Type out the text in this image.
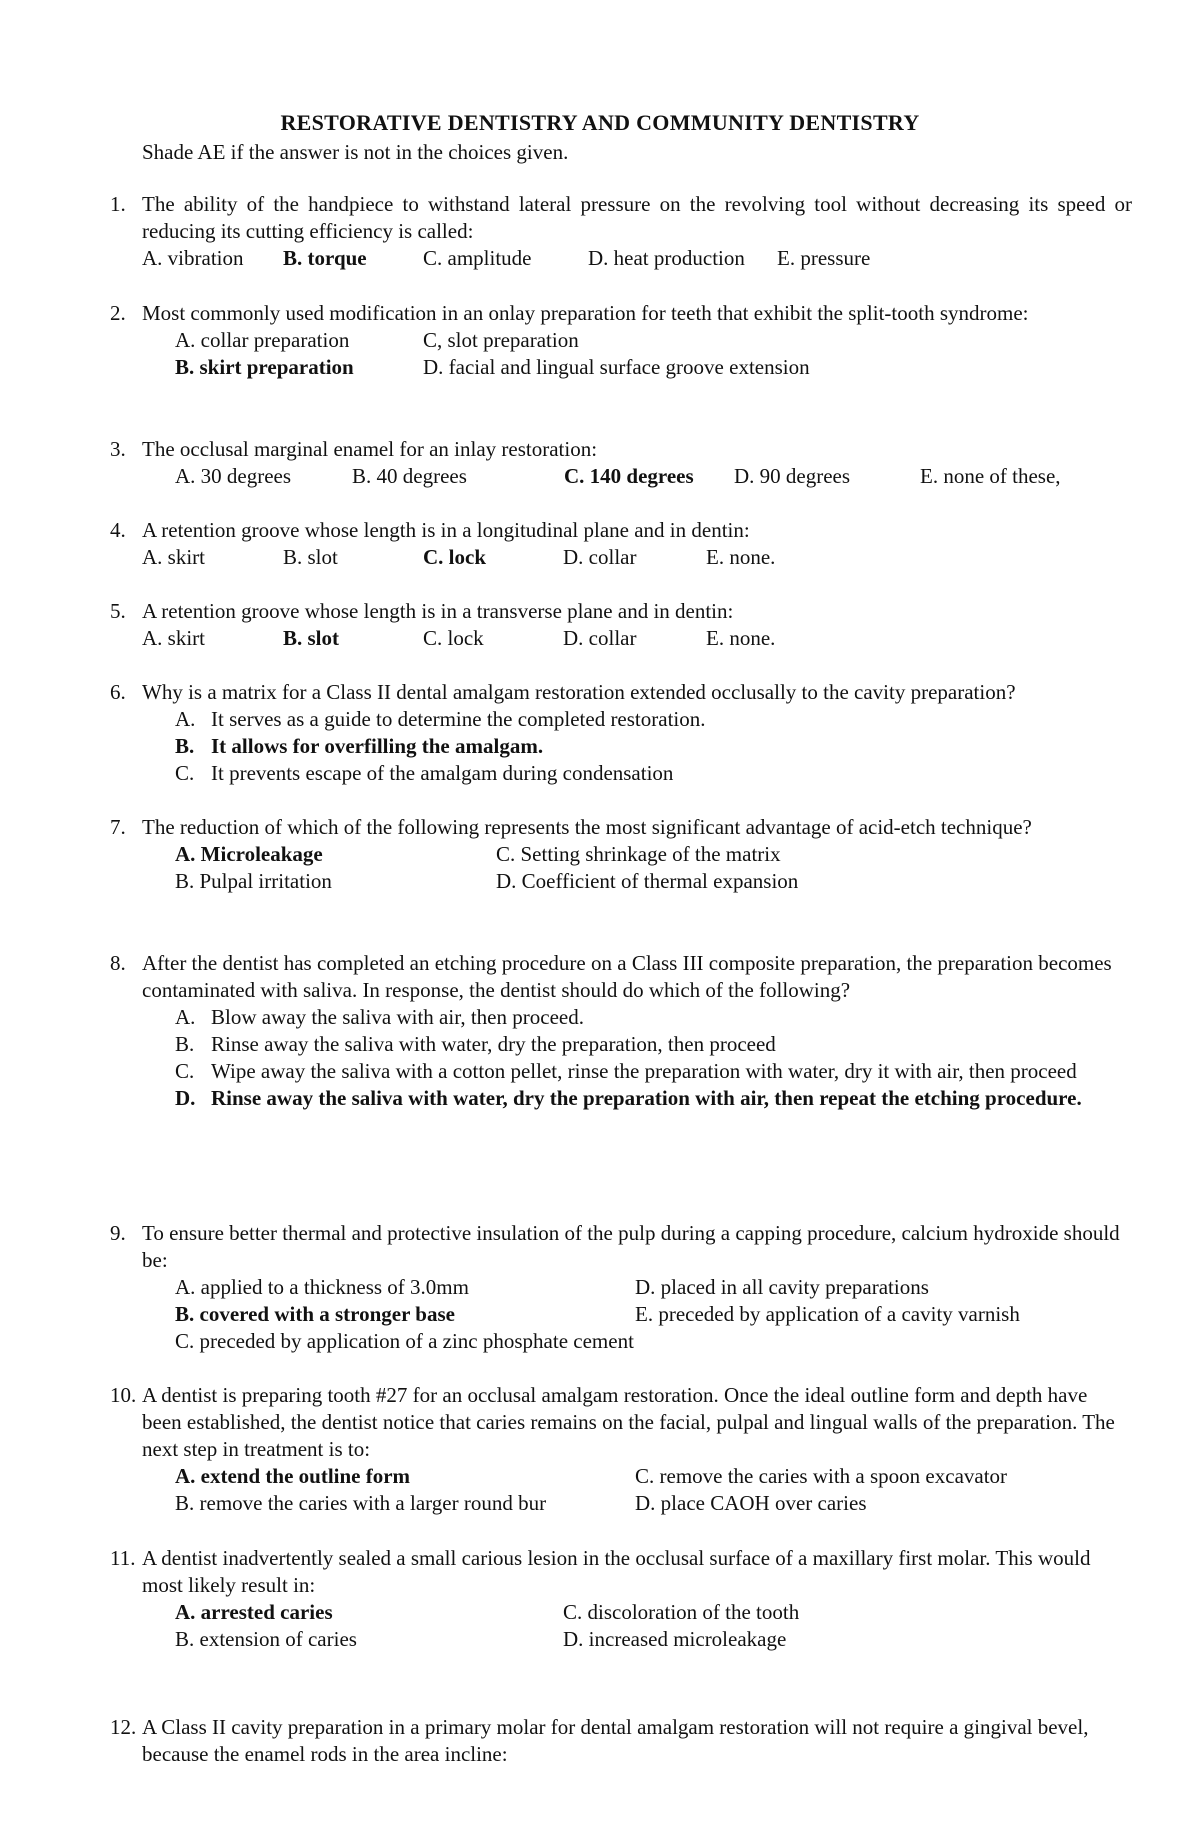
RESTORATIVE DENTISTRY AND COMMUNITY DENTISTRY
Shade AE if the answer is not in the choices given.
1. The ability of the handpiece to withstand lateral pressure on the revolving tool without decreasing its speed or reducing its cutting efficiency is called:
A. vibration B. torque	C. amplitude	D. heat production E. pressure
2. Most commonly used modification in an onlay preparation for teeth that exhibit the split-tooth syndrome:
A. collar preparation	C, slot preparation
B. skirt preparation	D. facial and lingual surface groove extension
3. The occlusal marginal enamel for an inlay restoration:
A. 30 degrees	B. 40 degrees	C. 140 degrees D. 90 degrees	E. none of these,
4. A retention groove whose length is in a longitudinal plane and in dentin:
A. skirt	B. slot	C. lock	D. collar	E. none.
5. A retention groove whose length is in a transverse plane and in dentin:
A. skirt	B. slot	C. lock	D. collar	E. none.
6. Why is a matrix for a Class II dental amalgam restoration extended occlusally to the cavity preparation?
A. It serves as a guide to determine the completed restoration.
B. It allows for overfilling the amalgam.
C. It prevents escape of the amalgam during condensation
7. The reduction of which of the following represents the most significant advantage of acid-etch technique?
A. Microleakage	C. Setting shrinkage of the matrix
B. Pulpal irritation	D. Coefficient of thermal expansion
8. After the dentist has completed an etching procedure on a Class III composite preparation, the preparation becomes contaminated with saliva. In response, the dentist should do which of the following?
A. Blow away the saliva with air, then proceed.
B. Rinse away the saliva with water, dry the preparation, then proceed
C. Wipe away the saliva with a cotton pellet, rinse the preparation with water, dry it with air, then proceed
D. Rinse away the saliva with water, dry the preparation with air, then repeat the etching procedure.
9. To ensure better thermal and protective insulation of the pulp during a capping procedure, calcium hydroxide should be:
A. applied to a thickness of 3.0mm	D. placed in all cavity preparations
B. covered with a stronger base	E. preceded by application of a cavity varnish
C. preceded by application of a zinc phosphate cement
10. A dentist is preparing tooth #27 for an occlusal amalgam restoration. Once the ideal outline form and depth have been established, the dentist notice that caries remains on the facial, pulpal and lingual walls of the preparation. The next step in treatment is to:
A. extend the outline form	C. remove the caries with a spoon excavator
B. remove the caries with a larger round bur	D. place CAOH over caries
11. A dentist inadvertently sealed a small carious lesion in the occlusal surface of a maxillary first molar. This would most likely result in:
A. arrested caries	C. discoloration of the tooth
B. extension of caries	D. increased microleakage
12. A Class II cavity preparation in a primary molar for dental amalgam restoration will not require a gingival bevel, because the enamel rods in the area incline:
